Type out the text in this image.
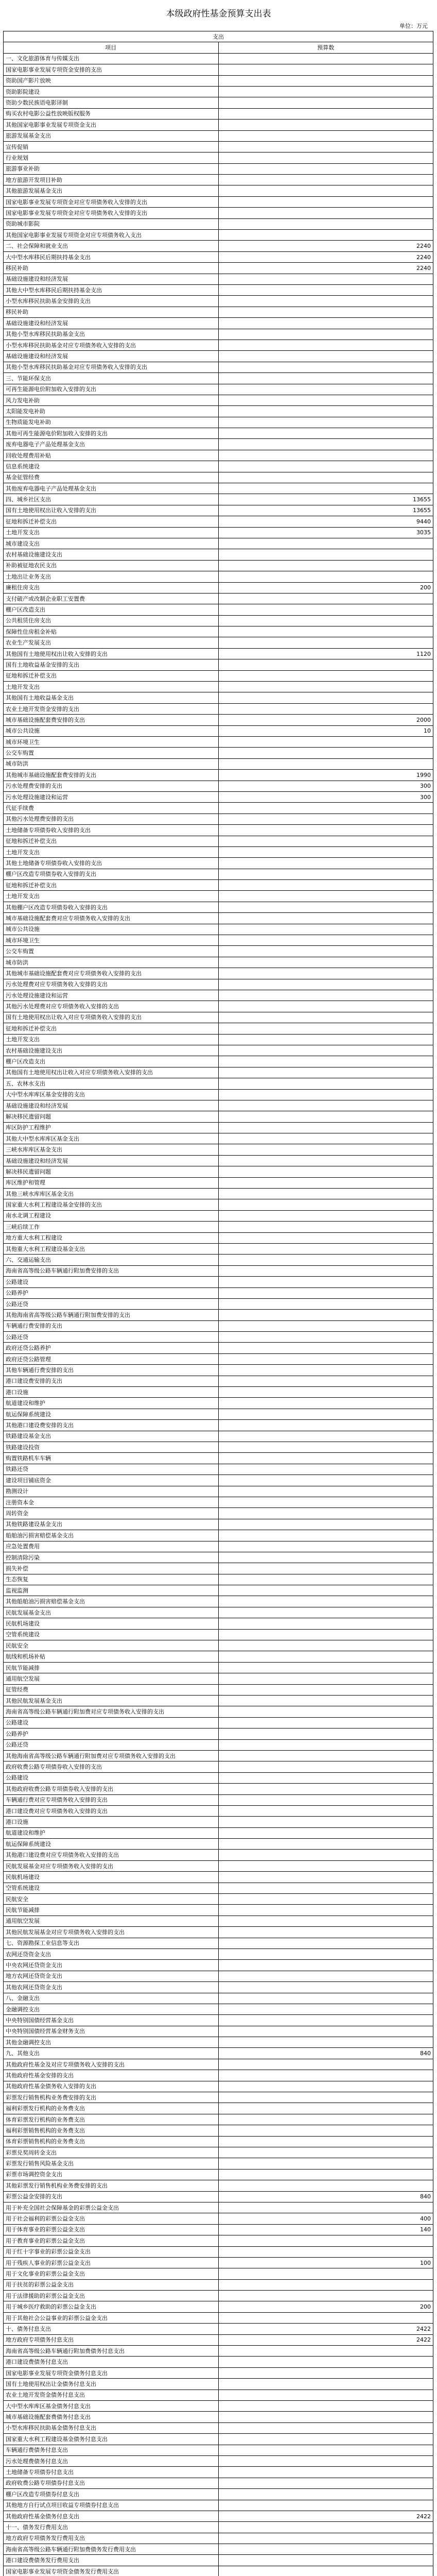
本级政府性基金预算支出表
单位：万元
支出	
项目	预算数
一、文化旅游体育与传媒支出	
国家电影事业发展专项资金安排的支出	
资助国产影片放映	
资助影院建设	
资助少数民族语电影译制	
购买农村电影公益性放映版权服务	
其他国家电影事业发展专项资金支出	
旅游发展基金支出	
宣传促销	
行业规划	
旅游事业补助	
地方旅游开发项目补助	
其他旅游发展基金支出	
国家电影事业发展专项资金对应专项债务收入安排的支出	
国家电影事业发展专项资金对应专项债务收入安排的支出	
资助城市影院	
其他国家电影事业发展专项资金对应专项债务收入支出	
二、社会保障和就业支出	2240
大中型水库移民后期扶持基金支出	2240
移民补助	2240
基础设施建设和经济发展	
其他大中型水库移民后期扶持基金支出	
小型水库移民扶助基金安排的支出	
移民补助	
基础设施建设和经济发展	
其他小型水库移民扶助基金支出	
小型水库移民扶助基金对应专项债务收入安排的支出	
基础设施建设和经济发展	
其他小型水库移民扶助基金对应专项债务收入安排的支出	
三、节能环保支出	
可再生能源电价附加收入安排的支出	
风力发电补助	
太阳能发电补助	
生物质能发电补助	
其他可再生能源电价附加收入安排的支出	
废弃电器电子产品处理基金支出	
回收处理费用补贴	
信息系统建设	
基金征管经费	
其他废弃电器电子产品处理基金支出	
四、城乡社区支出	13655
国有土地使用权出让收入安排的支出	13655
征地和拆迁补偿支出	9440
土地开发支出	3035
城市建设支出	
农村基础设施建设支出	
补助被征地农民支出	
土地出让业务支出	
廉租住房支出	200
支付破产或改制企业职工安置费	
棚户区改造支出	
公共租赁住房支出	
保障性住房租金补贴	
农业生产发展支出	
其他国有土地使用权出让收入安排的支出	1120
国有土地收益基金安排的支出	
征地和拆迁补偿支出	
土地开发支出	
其他国有土地收益基金支出	
农业土地开发资金安排的支出	
城市基础设施配套费安排的支出	2000
城市公共设施	10
城市环境卫生	
公交车购置	
城市防洪	
其他城市基础设施配套费安排的支出	1990
污水处理费安排的支出	300
污水处理设施建设和运营	300
代征手续费	
其他污水处理费安排的支出	
土地储备专项债券收入安排的支出	
征地和拆迁补偿支出	
土地开发支出	
其他土地储备专项债券收入安排的支出	
棚户区改造专项债券收入安排的支出	
征地和拆迁补偿支出	
土地开发支出	
其他棚户区改造专项债券收入安排的支出	
城市基础设施配套费对应专项债务收入安排的支出	
城市公共设施	
城市环境卫生	
公交车购置	
城市防洪	
其他城市基础设施配套费对应专项债务收入安排的支出	
污水处理费对应专项债务收入安排的支出	
污水处理设施建设和运营	
其他污水处理费对应专项债务收入安排的支出	
国有土地使用权出让收入对应专项债务收入安排的支出	
征地和拆迁补偿支出	
土地开发支出	
农村基础设施建设支出	
棚户区改造支出	
其他国有土地使用权出让收入对应专项债务收入安排的支出	
五、农林水支出	
大中型水库库区基金安排的支出	
基础设施建设和经济发展	
解决移民遗留问题	
库区防护工程维护	
其他大中型水库库区基金支出	
三峡水库库区基金支出	
基础设施建设和经济发展	
解决移民遗留问题	
库区维护和管理	
其他三峡水库库区基金支出	
国家重大水利工程建设基金安排的支出	
南水北调工程建设	
三峡后续工作	
地方重大水利工程建设	
其他重大水利工程建设基金支出	
六、交通运输支出	
海南省高等级公路车辆通行附加费安排的支出	
公路建设	
公路养护	
公路还贷	
其他海南省高等级公路车辆通行附加费安排的支出	
车辆通行费安排的支出	
公路还贷	
政府还贷公路养护	
政府还贷公路管理	
其他车辆通行费安排的支出	
港口建设费安排的支出	
港口设施	
航道建设和维护	
航运保障系统建设	
其他港口建设费安排的支出	
铁路建设基金支出	
铁路建设投资	
购置铁路机车车辆	
铁路还贷	
建设项目铺底资金	
勘测设计	
注册资本金	
周转资金	
其他铁路建设基金支出	
船舶油污损害赔偿基金支出	
应急处置费用	
控制清除污染	
损失补偿	
生态恢复	
监视监测	
其他船舶油污损害赔偿基金支出	
民航发展基金支出	
民航机场建设	
空管系统建设	
民航安全	
航线和机场补贴	
民航节能减排	
通用航空发展	
征管经费	
其他民航发展基金支出	
海南省高等级公路车辆通行附加费对应专项债务收入安排的支出	
公路建设	
公路养护	
公路还贷	
其他海南省高等级公路车辆通行附加费对应专项债务收入安排的支出	
政府收费公路专项债券收入安排的支出	
公路建设	
其他政府收费公路专项债券收入安排的支出	
车辆通行费对应专项债务收入安排的支出	
港口建设费对应专项债务收入安排的支出	
港口设施	
航道建设和维护	
航运保障系统建设	
其他港口建设费对应专项债务收入安排的支出	
民航发展基金对应专项债务收入安排的支出	
民航机场建设	
空管系统建设	
民航安全	
民航节能减排	
通用航空发展	
其他民航发展基金对应专项债务收入安排的支出	
七、资源勘探工业信息等支出	
农网还贷资金支出	
中央农网还贷资金支出	
地方农网还贷资金支出	
其他农网还贷资金支出	
八、金融支出	
金融调控支出	
中央特别国债经营基金支出	
中央特别国债经营基金财务支出	
其他金融调控支出	
九、其他支出	840
其他政府性基金及对应专项债务收入安排的支出	
其他政府性基金安排的支出	
其他政府性基金债务收入安排的支出	
彩票发行销售机构业务费安排的支出	
福利彩票发行机构的业务费支出	
体育彩票发行机构的业务费支出	
福利彩票销售机构的业务费支出	
体育彩票销售机构的业务费支出	
彩票兑奖周转金支出	
彩票发行销售风险基金支出	
彩票市场调控资金支出	
其他彩票发行销售机构业务费安排的支出	
彩票公益金安排的支出	840
用于补充全国社会保障基金的彩票公益金支出	
用于社会福利的彩票公益金支出	400
用于体育事业的彩票公益金支出	140
用于教育事业的彩票公益金支出	
用于红十字事业的彩票公益金支出	
用于残疾人事业的彩票公益金支出	100
用于文化事业的彩票公益金支出	
用于扶贫的彩票公益金支出	
用于法律援助的彩票公益金支出	
用于城乡医疗救助的彩票公益金支出	200
用于其他社会公益事业的彩票公益金支出	
十、债务付息支出	2422
地方政府专项债务付息支出	2422
海南省高等级公路车辆通行附加费债务付息支出	
港口建设费债务付息支出	
国家电影事业发展专项资金债务付息支出	
国有土地使用权出让金债务付息支出	
农业土地开发资金债务付息支出	
大中型水库库区基金债务付息支出	
城市基础设施配套费债务付息支出	
小型水库移民扶助基金债务付息支出	
国家重大水利工程建设基金债务付息支出	
车辆通行费债务付息支出	
污水处理费债务付息支出	
土地储备专项债券付息支出	
政府收费公路专项债券付息支出	
棚户区改造专项债券付息支出	
其他地方自行试点项目收益专项债券付息支出	
其他政府性基金债务付息支出	2422
十一、债务发行费用支出	
地方政府专项债务发行费用支出	
海南省高等级公路车辆通行附加费债务发行费用支出	
港口建设费债务发行费用支出	
国家电影事业发展专项资金债务发行费用支出	
